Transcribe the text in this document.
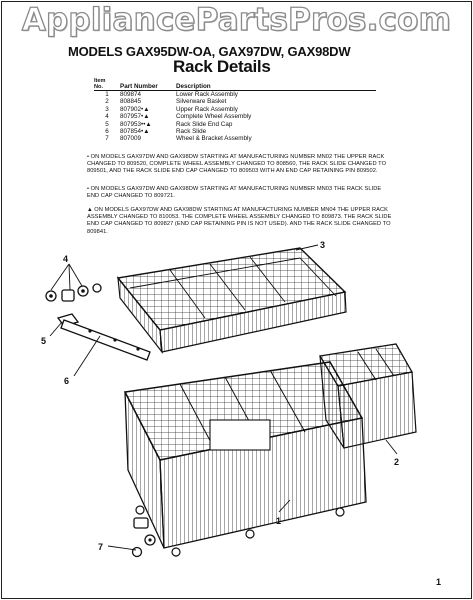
AppliancePartsPros.com
MODELS GAX95DW-OA, GAX97DW, GAX98DW
Rack Details
Item
No.	Part Number	Description
1	809874	Lower Rack Assembly
2	808845	Silverware Basket
3	807902•▲	Upper Rack Assembly
4	807957•▲	Complete Wheel Assembly
5	807953••▲	Rack Slide End Cap
6	807854•▲	Rack Slide
7	807009	Wheel & Bracket Assembly
• ON MODELS GAX97DW AND GAX98DW STARTING AT MANUFACTURING NUMBER MN02 THE UPPER RACK CHANGED TO 809520, COMPLETE WHEEL ASSEMBLY CHANGED TO 808560, THE RACK SLIDE CHANGED TO 809501, AND THE RACK SLIDE END CAP CHANGED TO 809503 WITH AN END CAP RETAINING PIN 809502.
• ON MODELS GAX97DW AND GAX98DW STARTING AT MANUFACTURING NUMBER MN03 THE RACK SLIDE END CAP CHANGED TO 809721.
▲ ON MODELS GAX97DW AND GAX98DW STARTING AT MANUFACTURING NUMBER MN04 THE UPPER RACK ASSEMBLY CHANGED TO 810053. THE COMPLETE WHEEL ASSEMBLY CHANGED TO 809873. THE RACK SLIDE END CAP CHANGED TO 809827 (END CAP RETAINING PIN IS NOT USED). AND THE RACK SLIDE CHANGED TO 809841.
4
5
6
3
2
1
7
1
